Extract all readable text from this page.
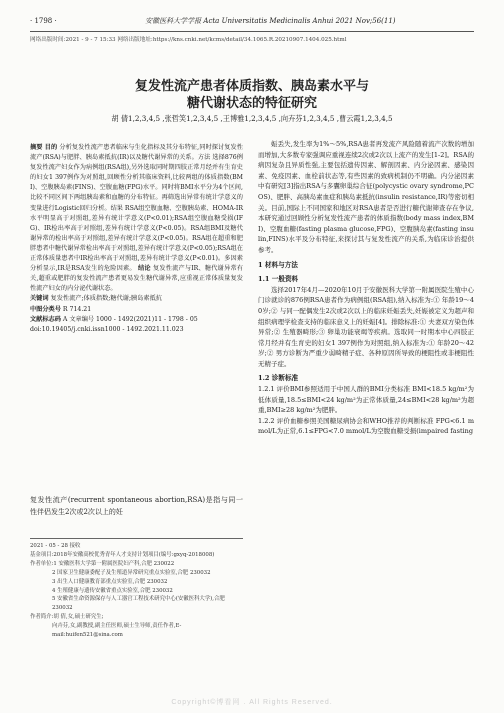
· 1798 ·	安徽医科大学学报 Acta Universitatis Medicinalis Anhui 2021 Nov;56(11)
网络出版时间:2021 - 9 - 7 15:33 网络出版地址:https://kns.cnki.net/kcms/detail/34.1065.R.20210907.1404.025.html
复发性流产患者体质指数、胰岛素水平与
糖代谢状态的特征研究
胡 倩1,2,3,4,5 ,张哲笑1,2,3,4,5 ,王博雅1,2,3,4,5 ,向卉芬1,2,3,4,5 ,曹云霞1,2,3,4,5
摘要 目的 分析复发性流产患者临床与生化指标及其分布特征,同时探讨复发性流产(RSA)与肥胖、胰岛素抵抗(IR)以及糖代谢异常的关系。方法 选择876例复发性流产妇女作为病例组(RSA组),另外选取同时期四肢正常月经并有生育史的妇女1 397例作为对照组,回顾性分析其临床资料,比较两组的体质指数(BMI)、空腹胰岛素(FINS)、空腹血糖(FPG)水平。同时将BMI水平分为4个区间,比较不同区间下两组胰岛素和血糖的分布特征。再筛选出异常有统计学意义的变量进行Logistic回归分析。结果 RSA组空腹血糖、空腹胰岛素、HOMA-IR水平明显高于对照组,差异有统计学意义(P<0.01);RSA组空腹血糖受损(IFG)、IR检出率高于对照组,差异有统计学意义(P<0.05)。RSA组BMI及糖代谢异常的检出率高于对照组,差异有统计学意义(P<0.05)。RSA组在超重和肥胖患者中糖代谢异常检出率高于对照组,差异有统计学意义(P<0.05);RSA组在正常体质量患者中IR检出率高于对照组,差异有统计学意义(P<0.01)。多因素分析显示,IR是RSA发生的危险因素。 结论 复发性流产与IR、糖代谢异常有关,超重或肥胖的复发性流产患者更易发生糖代谢异常,应重视正常体质量复发性流产妇女的内分泌代谢状态。
关键词 复发性流产;体质指数;糖代谢;胰岛素抵抗
中图分类号 R 714.21
文献标志码 A 文章编号 1000 - 1492(2021)11 - 1798 - 05
doi:10.19405/j.cnki.issn1000 - 1492.2021.11.023
复发性流产(recurrent spontaneous abortion,RSA)是指与同一性伴侣发生2次或2次以上的妊
2021 - 05 - 28 接收
基金项目:2018年安徽高校优秀青年人才支持计划项目(编号:gxyq-2018008)
作者单位:1 安徽医科大学第一附属医院妇产科,合肥 230022
2 国家卫生健康委配子及生殖道异常研究重点实验室,合肥 230032
3 出生人口健康教育部重点实验室,合肥 230032
4 生殖健康与遗传安徽省重点实验室,合肥 230032
5 安徽省生命资源保存与人工器官工程技术研究中心(安徽医科大学),合肥 230032
作者简介:胡 倩,女,硕士研究生;
向卉芬,女,副教授,副主任医师,硕士生导师,责任作者,E-mail:huifen521@sina.com
娠丢失,发生率为1%～5%,RSA患者再发流产风险随着流产次数的增加而增加,大多数专家强调应重视连续2次或2次以上流产的发生[1-2]。RSA的病因复杂且异质性强,主要包括遗传因素、解剖因素、内分泌因素、感染因素、免疫因素、血栓前状态等,有些因素的致病机制仍不明确。内分泌因素中有研究[3]指出RSA与多囊卵巢综合征(polycystic ovary syndrome,PCOS)、肥胖、高胰岛素血症和胰岛素抵抗(insulin resistance,IR)等密切相关。目前,国际上不同国家和地区对RSA患者是否进行糖代谢筛查存在争议,本研究通过回顾性分析复发性流产患者的体质指数(body mass index,BMI)、空腹血糖(fasting plasma glucose,FPG)、空腹胰岛素(fasting insulin,FINS)水平及分布特征,来探讨其与复发性流产的关系,为临床诊治提供参考。
1 材料与方法
1.1 一般资料
选择2017年4月—2020年10月于安徽医科大学第一附属医院生殖中心门诊就诊的876例RSA患者作为病例组(RSA组),纳入标准为:① 年龄19～40岁;② 与同一配偶发生2次或2次以上的临床妊娠丢失,妊娠被定义为超声和组织病理学检查支持的临床意义上的妊娠[4]。排除标准:① 夫妻双方染色体异常;② 生殖器畸形;③ 卵巢功能衰竭等疾病。选取同一时期本中心四肢正常月经并有生育史的妇女1 397例作为对照组,纳入标准为:① 年龄20～42岁;② 男方诊断为严重少弱畸精子症、各种原因所导致的梗阻性或非梗阻性无精子症。
1.2 诊断标准
1.2.1 评价BMI参照适用于中国人群的BMI分类标准 BMI<18.5 kg/m²为低体质量,18.5≤BMI<24 kg/m²为正常体质量,24≤BMI<28 kg/m²为超重,BMI≥28 kg/m²为肥胖。
1.2.2 评价血糖参照美国糖尿病协会和WHO推荐的判断标准 FPG<6.1 mmol/L为正常,6.1≤FPG<7.0 mmol/L为空腹血糖受损(impaired fasting
Copyright©博看网 . All Rights Reserved.
